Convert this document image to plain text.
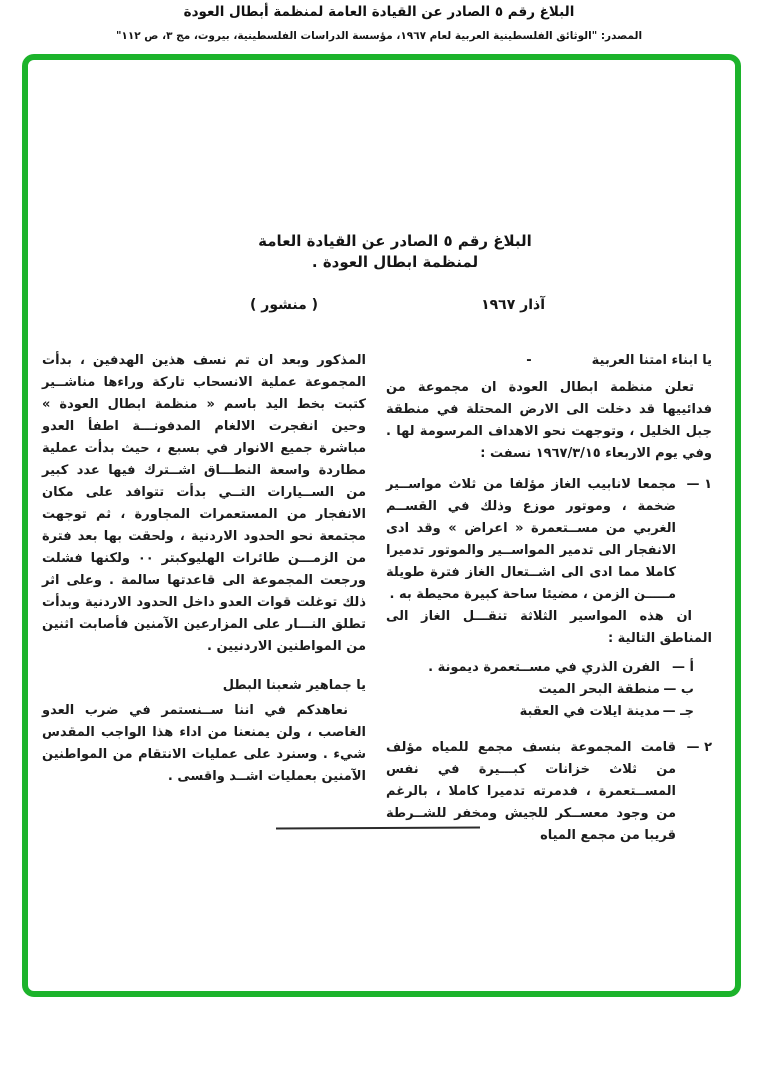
البلاغ رقم ٥ الصادر عن القيادة العامة لمنظمة أبطال العودة
المصدر: "الوثائق الفلسطينية العربية لعام ١٩٦٧، مؤسسة الدراسات الفلسطينية، بيروت، مج ٣، ص ١١٢"
البلاغ رقم ٥ الصادر عن القيادة العامة
لمنظمة ابطال العودة .
آذار ١٩٦٧
( منشور )
يا ابناء امتنا العربية
-

تعلن منظمة ابطال العودة ان مجموعة من فدائييها قد دخلت الى الارض المحتلة في منطقة جبل الخليل ، وتوجهت نحو الاهداف المرسومة لها . وفي يوم الاربعاء ١٩٦٧/٣/١٥ نسفت :

١ —
مجمعا لانابيب الغاز مؤلفا من ثلاث مواســير ضخمة ، وموتور موزع وذلك في القســم الغربي من مســتعمرة « اعراض » وقد ادى الانفجار الى تدمير المواســير والموتور تدميرا كاملا مما ادى الى اشــتعال الغاز فترة طويلة مـــــن الزمن ، مضيئا ساحة كبيرة محيطة به .

ان هذه المواسير الثلاثة تنقـــل الغاز الى المناطق التالية :

أ —
الفرن الذري في مســتعمرة ديمونة .
ب —
منطقة البحر الميت
جـ —
مدينة ايلات في العقبة
٢ —
قامت المجموعة بنسف مجمع للمياه مؤلف من ثلاث خزانات كبـــيرة في نفس المســتعمرة ، فدمرته تدميرا كاملا ، بالرغم من وجود معســكر للجيش ومخفر للشــرطة قريبا من مجمع المياه

المذكور وبعد ان تم نسف هذين الهدفين ، بدأت المجموعة عملية الانسحاب تاركة وراءها مناشــير كتبت بخط اليد باسم « منظمة ابطال العودة » وحين انفجرت الالغام المدفونـــة اطفأ العدو مباشرة جميع الانوار في بسبع ، حيث بدأت عملية مطاردة واسعة النطـــاق اشــترك فيها عدد كبير من الســيارات التــي بدأت تتوافد على مكان الانفجار من المستعمرات المجاورة ، ثم توجهت مجتمعة نحو الحدود الاردنية ، ولحقت بها بعد فترة من الزمـــن طائرات الهليوكبتر ٠٠ ولكنها فشلت ورجعت المجموعة الى قاعدتها سالمة . وعلى اثر ذلك توغلت قوات العدو داخل الحدود الاردنية وبدأت تطلق النـــار على المزارعين الآمنين فأصابت اثنين من المواطنين الاردنيين .

يا جماهير شعبنا البطل

نعاهدكم في اننا ســنستمر في ضرب العدو الغاصب ، ولن يمنعنا من اداء هذا الواجب المقدس شيء . وسنرد على عمليات الانتقام من المواطنين الآمنين بعمليات اشــد واقسى .
